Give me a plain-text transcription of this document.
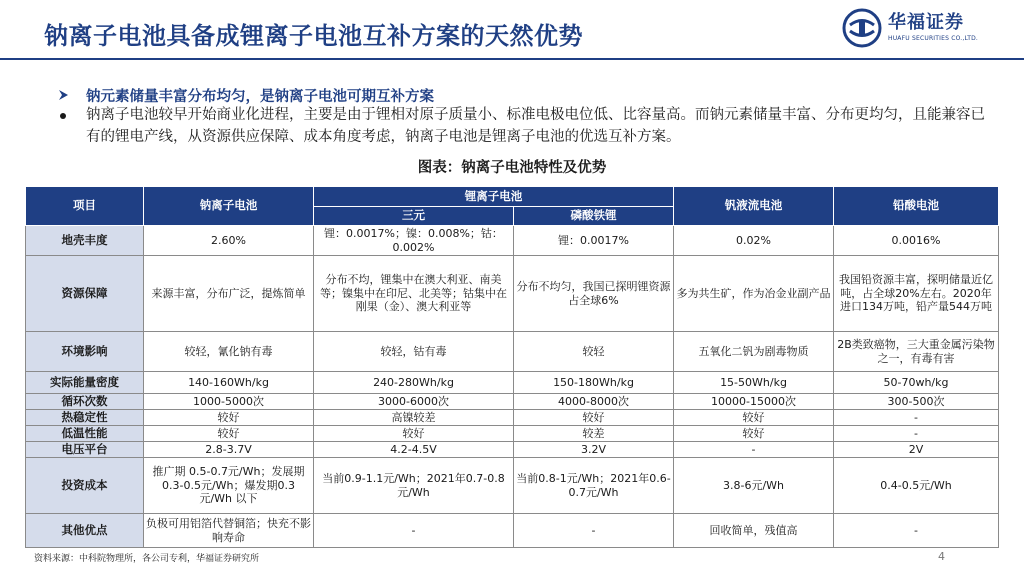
钠离子电池具备成锂离子电池互补方案的天然优势	华福证券
HUAFU SECURITIES CO.,LTD.
钠元素储量丰富分布均匀，是钠离子电池可期互补方案
钠离子电池较早开始商业化进程，主要是由于锂相对原子质量小、标准电极电位低、比容量高。而钠元素储量丰富、分布更均匀，且能兼容已有的锂电产线，从资源供应保障、成本角度考虑，钠离子电池是锂离子电池的优选互补方案。
图表：钠离子电池特性及优势
项目	钠离子电池	锂离子电池		钒液流电池	铅酸电池
		三元	磷酸铁锂		
地壳丰度	2.60%	锂：0.0017%；镍：0.008%；钴：0.002%	锂：0.0017%	0.02%	0.0016%
资源保障	来源丰富，分布广泛，提炼简单	分布不均，锂集中在澳大利亚、南美等；镍集中在印尼、北美等；钴集中在刚果（金）、澳大利亚等	分布不均匀，我国已探明锂资源占全球6%	多为共生矿，作为冶金业副产品	我国铅资源丰富，探明储量近亿吨，占全球20%左右。2020年进口134万吨，铅产量544万吨
环境影响	较轻，氰化钠有毒	较轻，钴有毒	较轻	五氧化二钒为剧毒物质	2B类致癌物，三大重金属污染物之一，有毒有害
实际能量密度	140-160Wh/kg	240-280Wh/kg	150-180Wh/kg	15-50Wh/kg	50-70wh/kg
循环次数	1000-5000次	3000-6000次	4000-8000次	10000-15000次	300-500次
热稳定性	较好	高镍较差	较好	较好	-
低温性能	较好	较好	较差	较好	-
电压平台	2.8-3.7V	4.2-4.5V	3.2V	-	2V
投资成本	推广期 0.5-0.7元/Wh；发展期0.3-0.5元/Wh；爆发期0.3元/Wh 以下	当前0.9-1.1元/Wh；2021年0.7-0.8元/Wh	当前0.8-1元/Wh；2021年0.6-0.7元/Wh	3.8-6元/Wh	0.4-0.5元/Wh
其他优点	负极可用铝箔代替铜箔；快充不影响寿命	-	-	回收简单，残值高	-
资料来源：中科院物理所，各公司专利，华福证券研究所	4
